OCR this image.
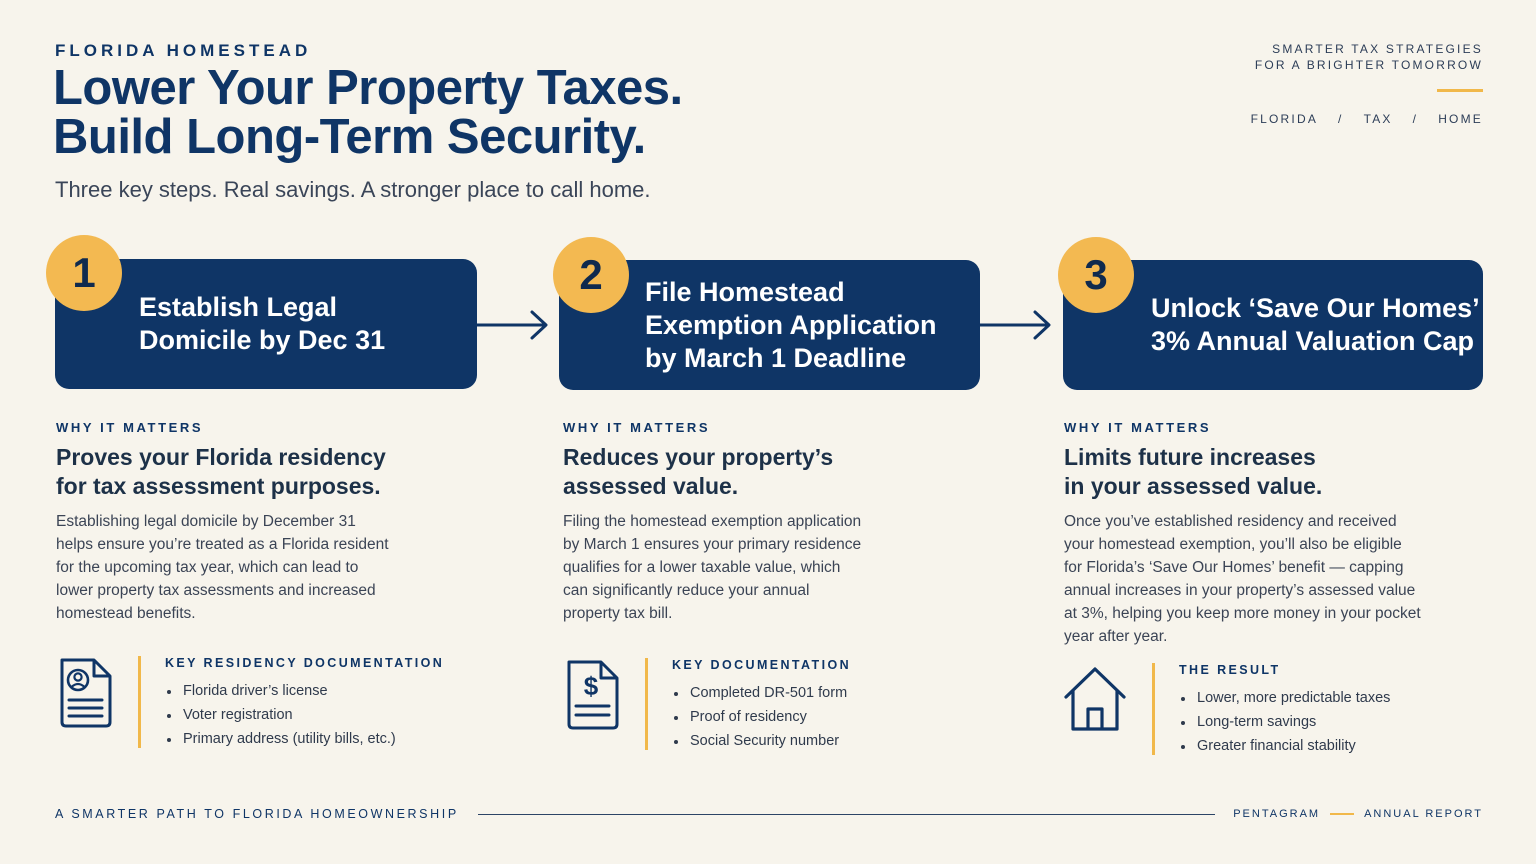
FLORIDA HOMESTEAD
Lower Your Property Taxes.
Build Long-Term Security.
Three key steps. Real savings. A stronger place to call home.
SMARTER TAX STRATEGIES
FOR A BRIGHTER TOMORROW
FLORIDA / TAX / HOME
Establish Legal
Domicile by Dec 31
1	File Homestead
Exemption Application
by March 1 Deadline
2
Unlock ‘Save Our Homes’
3% Annual Valuation Cap
3
WHY IT MATTERS
Proves your Florida residency
for tax assessment purposes.
Establishing legal domicile by December 31
helps ensure you’re treated as a Florida resident
for the upcoming tax year, which can lead to
lower property tax assessments and increased
homestead benefits.
KEY RESIDENCY DOCUMENTATION
Florida driver’s license
Voter registration
Primary address (utility bills, etc.)
WHY IT MATTERS
Reduces your property’s
assessed value.
Filing the homestead exemption application
by March 1 ensures your primary residence
qualifies for a lower taxable value, which
can significantly reduce your annual
property tax bill.
$
KEY DOCUMENTATION
Completed DR-501 form
Proof of residency
Social Security number
WHY IT MATTERS
Limits future increases
in your assessed value.
Once you’ve established residency and received
your homestead exemption, you’ll also be eligible
for Florida’s ‘Save Our Homes’ benefit — capping
annual increases in your property’s assessed value
at 3%, helping you keep more money in your pocket
year after year.
THE RESULT
Lower, more predictable taxes
Long-term savings
Greater financial stability
A SMARTER PATH TO FLORIDA HOMEOWNERSHIP	PENTAGRAM	ANNUAL REPORT
